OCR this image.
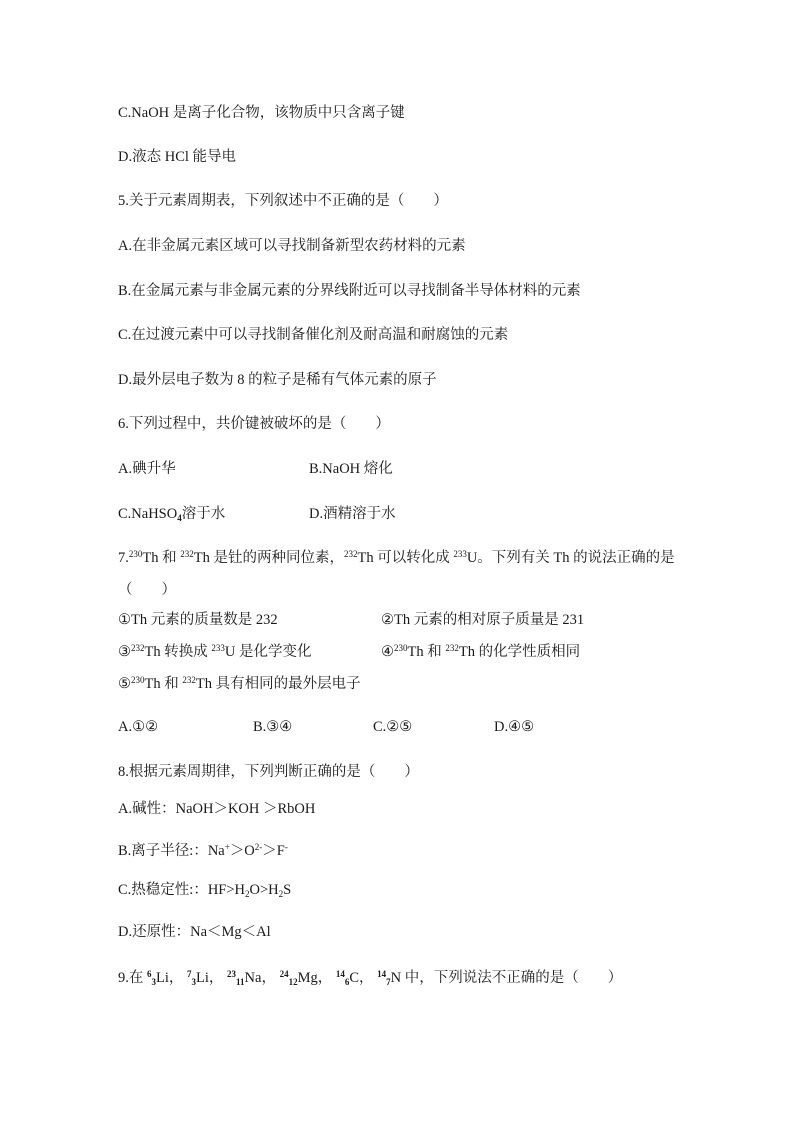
C.NaOH 是离子化合物，该物质中只含离子键
D.液态 HCl 能导电
5.关于元素周期表，下列叙述中不正确的是（　　）
A.在非金属元素区域可以寻找制备新型农药材料的元素
B.在金属元素与非金属元素的分界线附近可以寻找制备半导体材料的元素
C.在过渡元素中可以寻找制备催化剂及耐高温和耐腐蚀的元素
D.最外层电子数为 8 的粒子是稀有气体元素的原子
6.下列过程中，共价键被破坏的是（　　）
A.碘升华	B.NaOH 熔化
C.NaHSO$_4$溶于水	D.酒精溶于水
7.$^{230}$Th 和 $^{232}$Th 是钍的两种同位素，$^{232}$Th 可以转化成 $^{233}$U。下列有关 Th 的说法正确的是
（　　）
①Th 元素的质量数是 232	②Th 元素的相对原子质量是 231
③$^{232}$Th 转换成 $^{233}$U 是化学变化	④$^{230}$Th 和 $^{232}$Th 的化学性质相同
⑤$^{230}$Th 和 $^{232}$Th 具有相同的最外层电子
A.①②	B.③④	C.②⑤	D.④⑤
8.根据元素周期律，下列判断正确的是（　　）
A.碱性：NaOH＞KOH ＞RbOH
B.离子半径:：$Na^+>O^{2-}>F^-$
C.热稳定性:：$HF>H_2O>H_2S$
D.还原性：Na＜Mg＜Al
9.在 $^6_3$Li， $^7_3$Li， $^{23}_{11}$Na， $^{24}_{12}$Mg， $^{14}_6$C， $^{14}_7$N 中，下列说法不正确的是（　　）
